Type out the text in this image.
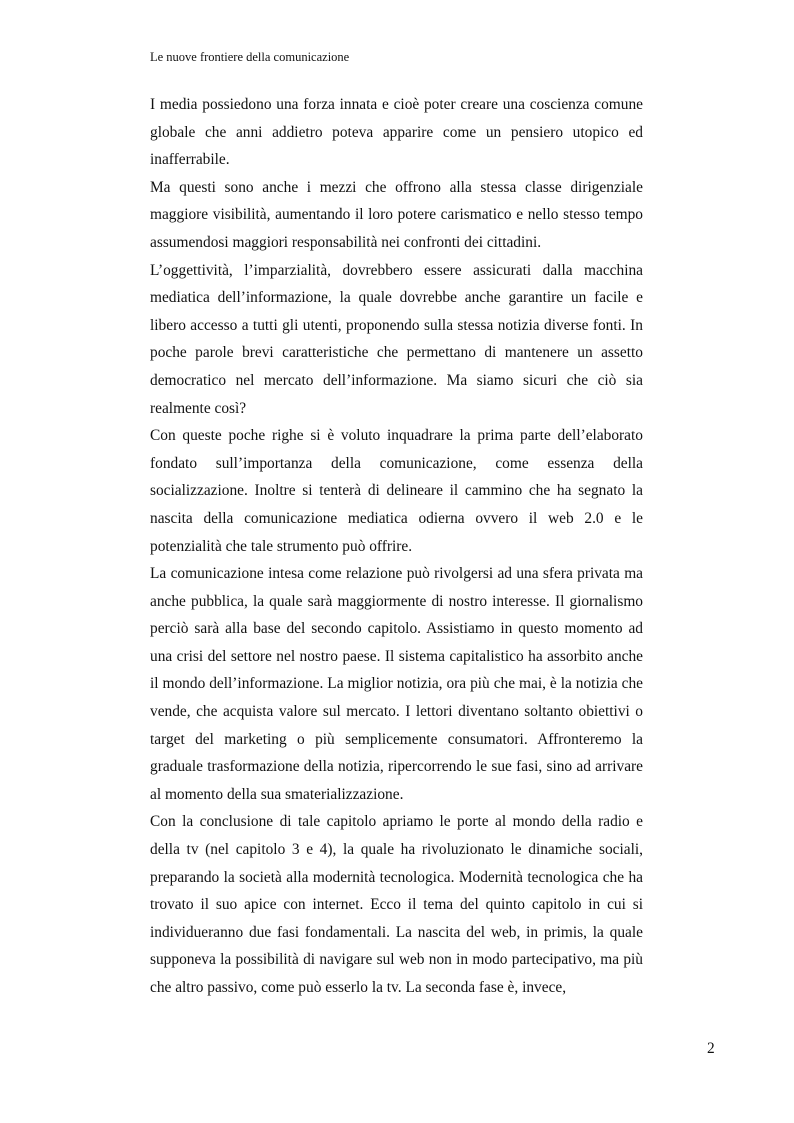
Le nuove frontiere della comunicazione

I media possiedono una forza innata e cioè poter creare una coscienza comune globale che anni addietro poteva apparire come un pensiero utopico ed inafferrabile.

Ma questi sono anche i mezzi che offrono alla stessa classe dirigenziale maggiore visibilità, aumentando il loro potere carismatico e nello stesso tempo assumendosi maggiori responsabilità nei confronti dei cittadini.

L’oggettività, l’imparzialità, dovrebbero essere assicurati dalla macchina mediatica dell’informazione, la quale dovrebbe anche garantire un facile e libero accesso a tutti gli utenti, proponendo sulla stessa notizia diverse fonti. In poche parole brevi caratteristiche che permettano di mantenere un assetto democratico nel mercato dell’informazione. Ma siamo sicuri che ciò sia realmente così?

Con queste poche righe si è voluto inquadrare la prima parte dell’elaborato fondato sull’importanza della comunicazione, come essenza della socializzazione. Inoltre si tenterà di delineare il cammino che ha segnato la nascita della comunicazione mediatica odierna ovvero il web 2.0 e le potenzialità che tale strumento può offrire.

La comunicazione intesa come relazione può rivolgersi ad una sfera privata ma anche pubblica, la quale sarà maggiormente di nostro interesse. Il giornalismo perciò sarà alla base del secondo capitolo. Assistiamo in questo momento ad una crisi del settore nel nostro paese. Il sistema capitalistico ha assorbito anche il mondo dell’informazione. La miglior notizia, ora più che mai, è la notizia che vende, che acquista valore sul mercato. I lettori diventano soltanto obiettivi o target del marketing o più semplicemente consumatori. Affronteremo la graduale trasformazione della notizia, ripercorrendo le sue fasi, sino ad arrivare al momento della sua smaterializzazione.

Con la conclusione di tale capitolo apriamo le porte al mondo della radio e della tv (nel capitolo 3 e 4), la quale ha rivoluzionato le dinamiche sociali, preparando la società alla modernità tecnologica. Modernità tecnologica che ha trovato il suo apice con internet. Ecco il tema del quinto capitolo in cui si individueranno due fasi fondamentali. La nascita del web, in primis, la quale supponeva la possibilità di navigare sul web non in modo partecipativo, ma più che altro passivo, come può esserlo la tv. La seconda fase è, invece,

2
